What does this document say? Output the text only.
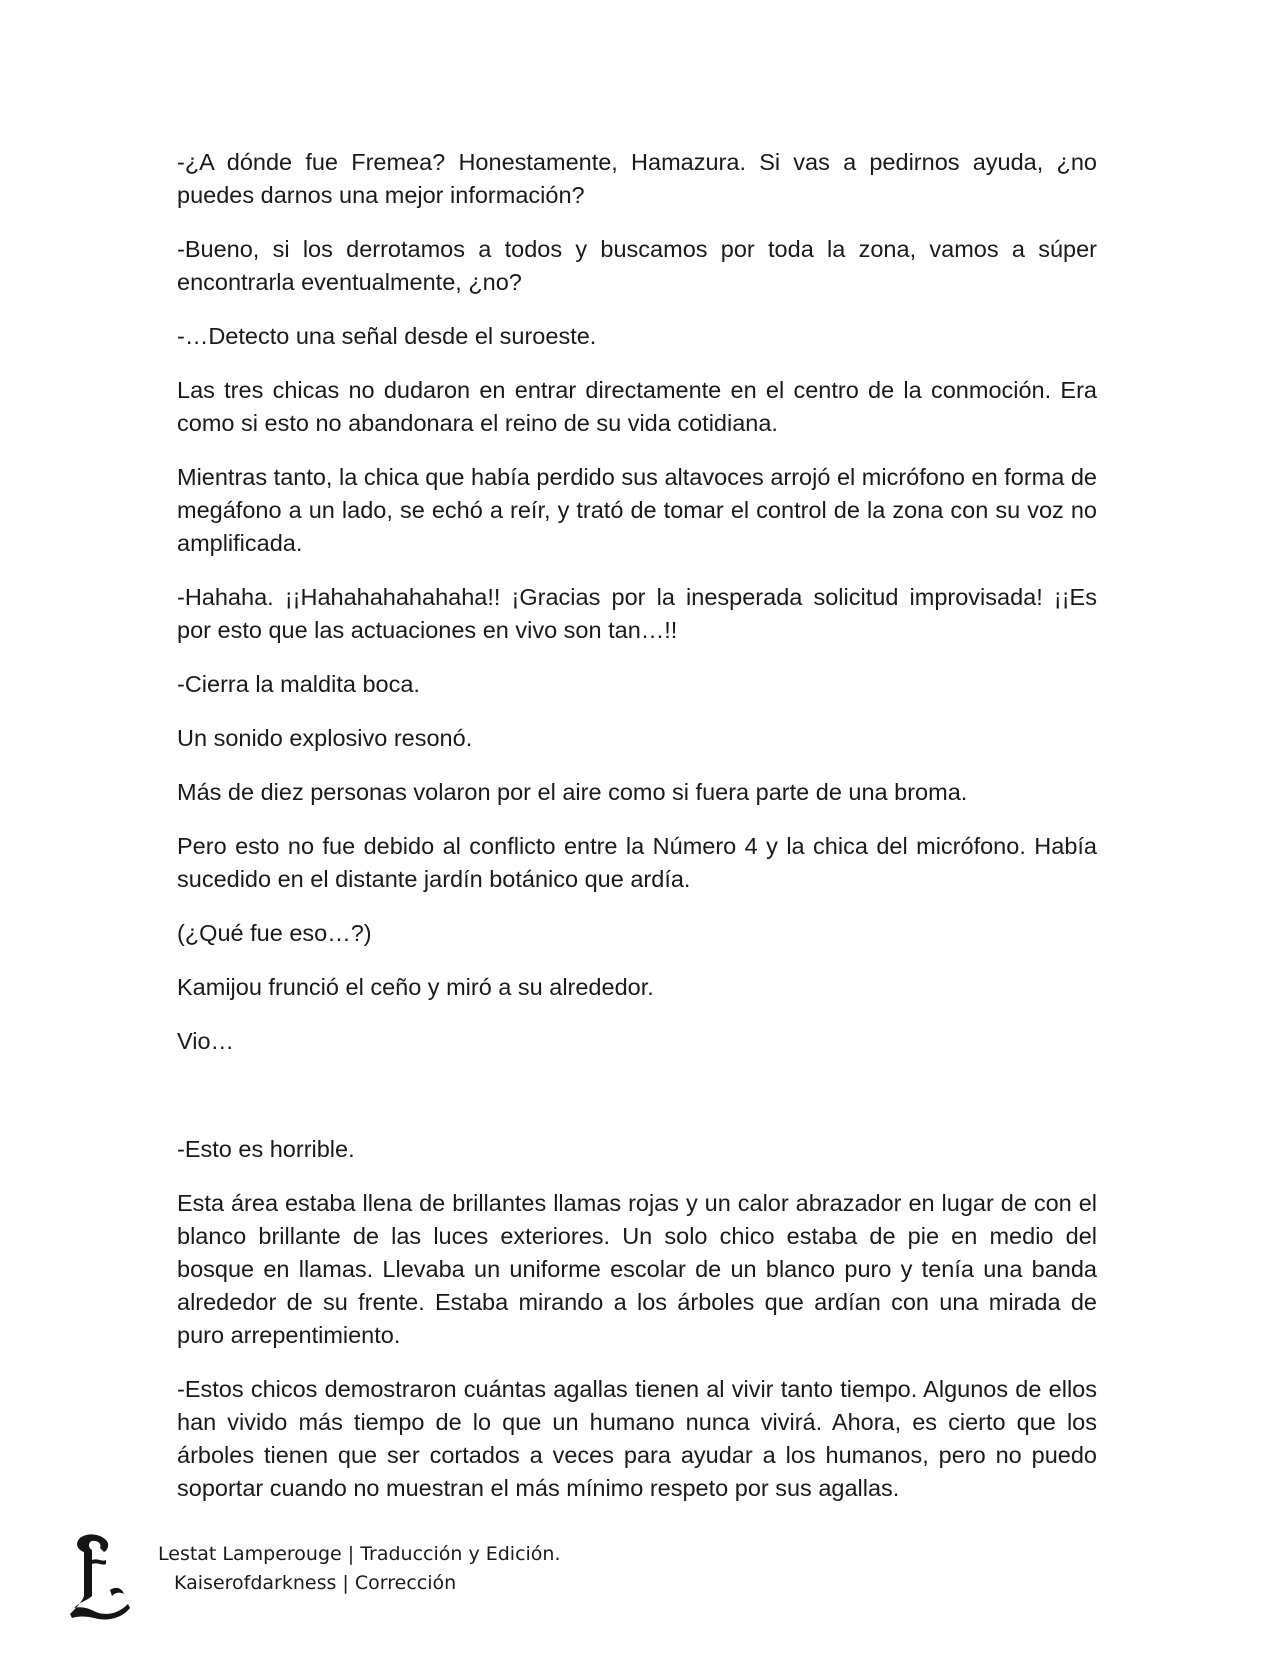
-¿A dónde fue Fremea? Honestamente, Hamazura. Si vas a pedirnos ayuda, ¿no puedes darnos una mejor información?

-Bueno, si los derrotamos a todos y buscamos por toda la zona, vamos a súper encontrarla eventualmente, ¿no?

-…Detecto una señal desde el suroeste.

Las tres chicas no dudaron en entrar directamente en el centro de la conmoción. Era como si esto no abandonara el reino de su vida cotidiana.

Mientras tanto, la chica que había perdido sus altavoces arrojó el micrófono en forma de megáfono a un lado, se echó a reír, y trató de tomar el control de la zona con su voz no amplificada.

-Hahaha. ¡¡Hahahahahahaha!! ¡Gracias por la inesperada solicitud improvisada! ¡¡Es por esto que las actuaciones en vivo son tan…!!

-Cierra la maldita boca.

Un sonido explosivo resonó.

Más de diez personas volaron por el aire como si fuera parte de una broma.

Pero esto no fue debido al conflicto entre la Número 4 y la chica del micrófono. Había sucedido en el distante jardín botánico que ardía.

(¿Qué fue eso…?)

Kamijou frunció el ceño y miró a su alrededor.

Vio…

-Esto es horrible.

Esta área estaba llena de brillantes llamas rojas y un calor abrazador en lugar de con el blanco brillante de las luces exteriores. Un solo chico estaba de pie en medio del bosque en llamas. Llevaba un uniforme escolar de un blanco puro y tenía una banda alrededor de su frente. Estaba mirando a los árboles que ardían con una mirada de puro arrepentimiento.

-Estos chicos demostraron cuántas agallas tienen al vivir tanto tiempo. Algunos de ellos han vivido más tiempo de lo que un humano nunca vivirá. Ahora, es cierto que los árboles tienen que ser cortados a veces para ayudar a los humanos, pero no puedo soportar cuando no muestran el más mínimo respeto por sus agallas.

Lestat Lamperouge | Traducción y Edición.
Kaiserofdarkness | Corrección
